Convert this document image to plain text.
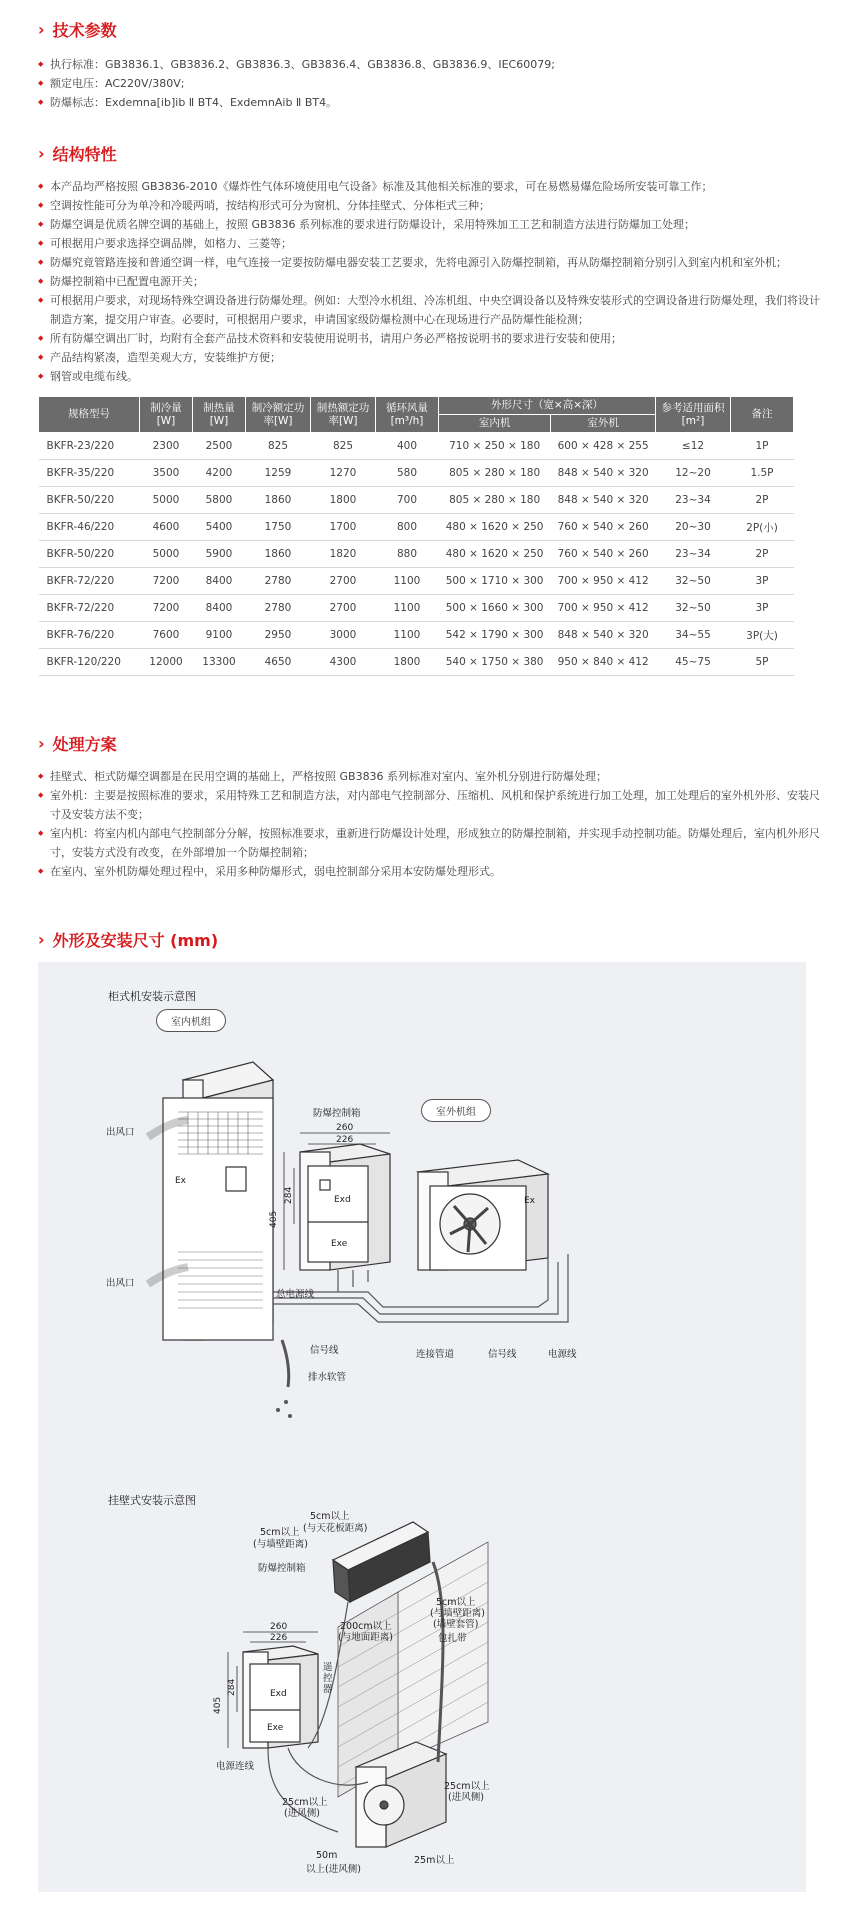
› 技术参数
◆ 执行标准：GB3836.1、GB3836.2、GB3836.3、GB3836.4、GB3836.8、GB3836.9、IEC60079;
◆ 额定电压：AC220V/380V;
◆ 防爆标志：Exdemna[ib]ib Ⅱ BT4、ExdemnAib Ⅱ BT4。
› 结构特性
◆ 本产品均严格按照 GB3836-2010《爆炸性气体环境使用电气设备》标准及其他相关标准的要求，可在易燃易爆危险场所安装可靠工作；
◆ 空调按性能可分为单冷和冷暖两哨，按结构形式可分为窗机、分体挂壁式、分体柜式三种；
◆ 防爆空调是优质名牌空调的基础上，按照 GB3836 系列标准的要求进行防爆设计，采用特殊加工工艺和制造方法进行防爆加工处理；
◆ 可根据用户要求选择空调品牌，如格力、三菱等；
◆ 防爆究竟管路连接和普通空调一样，电气连接一定要按防爆电器安装工艺要求，先将电源引入防爆控制箱，再从防爆控制箱分别引入到室内机和室外机；
◆ 防爆控制箱中已配置电源开关；
◆ 可根据用户要求，对现场特殊空调设备进行防爆处理。例如：大型冷水机组、冷冻机组、中央空调设备以及特殊安装形式的空调设备进行防爆处理，我们将设计制造方案，提交用户审查。必要时，可根据用户要求，申请国家级防爆检测中心在现场进行产品防爆性能检测；
◆ 所有防爆空调出厂时，均附有全套产品技术资料和安装使用说明书，请用户务必严格按说明书的要求进行安装和使用；
◆ 产品结构紧凑，造型美观大方，安装维护方便；
◆ 钢管或电缆布线。
规格型号	制冷量 [W]	制热量 [W]	制冷额定功率[W]	制热额定功率[W]	循环风量 [m³/h]	外形尺寸（宽×高×深）		参考适用面积 [m²]	备注
						室内机	室外机		
BKFR-23/220	2300	2500	825	825	400	710 × 250 × 180	600 × 428 × 255	≤12	1P
BKFR-35/220	3500	4200	1259	1270	580	805 × 280 × 180	848 × 540 × 320	12~20	1.5P
BKFR-50/220	5000	5800	1860	1800	700	805 × 280 × 180	848 × 540 × 320	23~34	2P
BKFR-46/220	4600	5400	1750	1700	800	480 × 1620 × 250	760 × 540 × 260	20~30	2P(小)
BKFR-50/220	5000	5900	1860	1820	880	480 × 1620 × 250	760 × 540 × 260	23~34	2P
BKFR-72/220	7200	8400	2780	2700	1100	500 × 1710 × 300	700 × 950 × 412	32~50	3P
BKFR-72/220	7200	8400	2780	2700	1100	500 × 1660 × 300	700 × 950 × 412	32~50	3P
BKFR-76/220	7600	9100	2950	3000	1100	542 × 1790 × 300	848 × 540 × 320	34~55	3P(大)
BKFR-120/220	12000	13300	4650	4300	1800	540 × 1750 × 380	950 × 840 × 412	45~75	5P
› 处理方案
◆ 挂壁式、柜式防爆空调都是在民用空调的基础上，严格按照 GB3836 系列标准对室内、室外机分别进行防爆处理；
◆ 室外机：主要是按照标准的要求，采用特殊工艺和制造方法，对内部电气控制部分、压缩机、风机和保护系统进行加工处理，加工处理后的室外机外形、安装尺寸及安装方法不变；
◆ 室内机：将室内机内部电气控制部分分解，按照标准要求，重新进行防爆设计处理，形成独立的防爆控制箱，并实现手动控制功能。防爆处理后，室内机外形尺寸，安装方式没有改变，在外部增加一个防爆控制箱；
◆ 在室内、室外机防爆处理过程中，采用多种防爆形式，弱电控制部分采用本安防爆处理形式。
› 外形及安装尺寸 (mm)
Ex
Exd
Exe
260
226
405
284	Ex
Exd
Exe
260
226
405
284
柜式机安装示意图
室内机组
室外机组
防爆控制箱
出风口
出风口
总电源线
信号线
排水软管
连接管道	信号线	电源线
挂壁式安装示意图
5cm以上
(与天花板距离)
5cm以上
(与墙壁距离)
防爆控制箱
5cm以上
(与墙壁距离)
(墙壁套管)
包扎带
200cm以上
(与地面距离)
遥控器
电源连线
25cm以上
(进风侧)
25cm以上
(进风侧)
50m
以上(进风侧)
25m以上
